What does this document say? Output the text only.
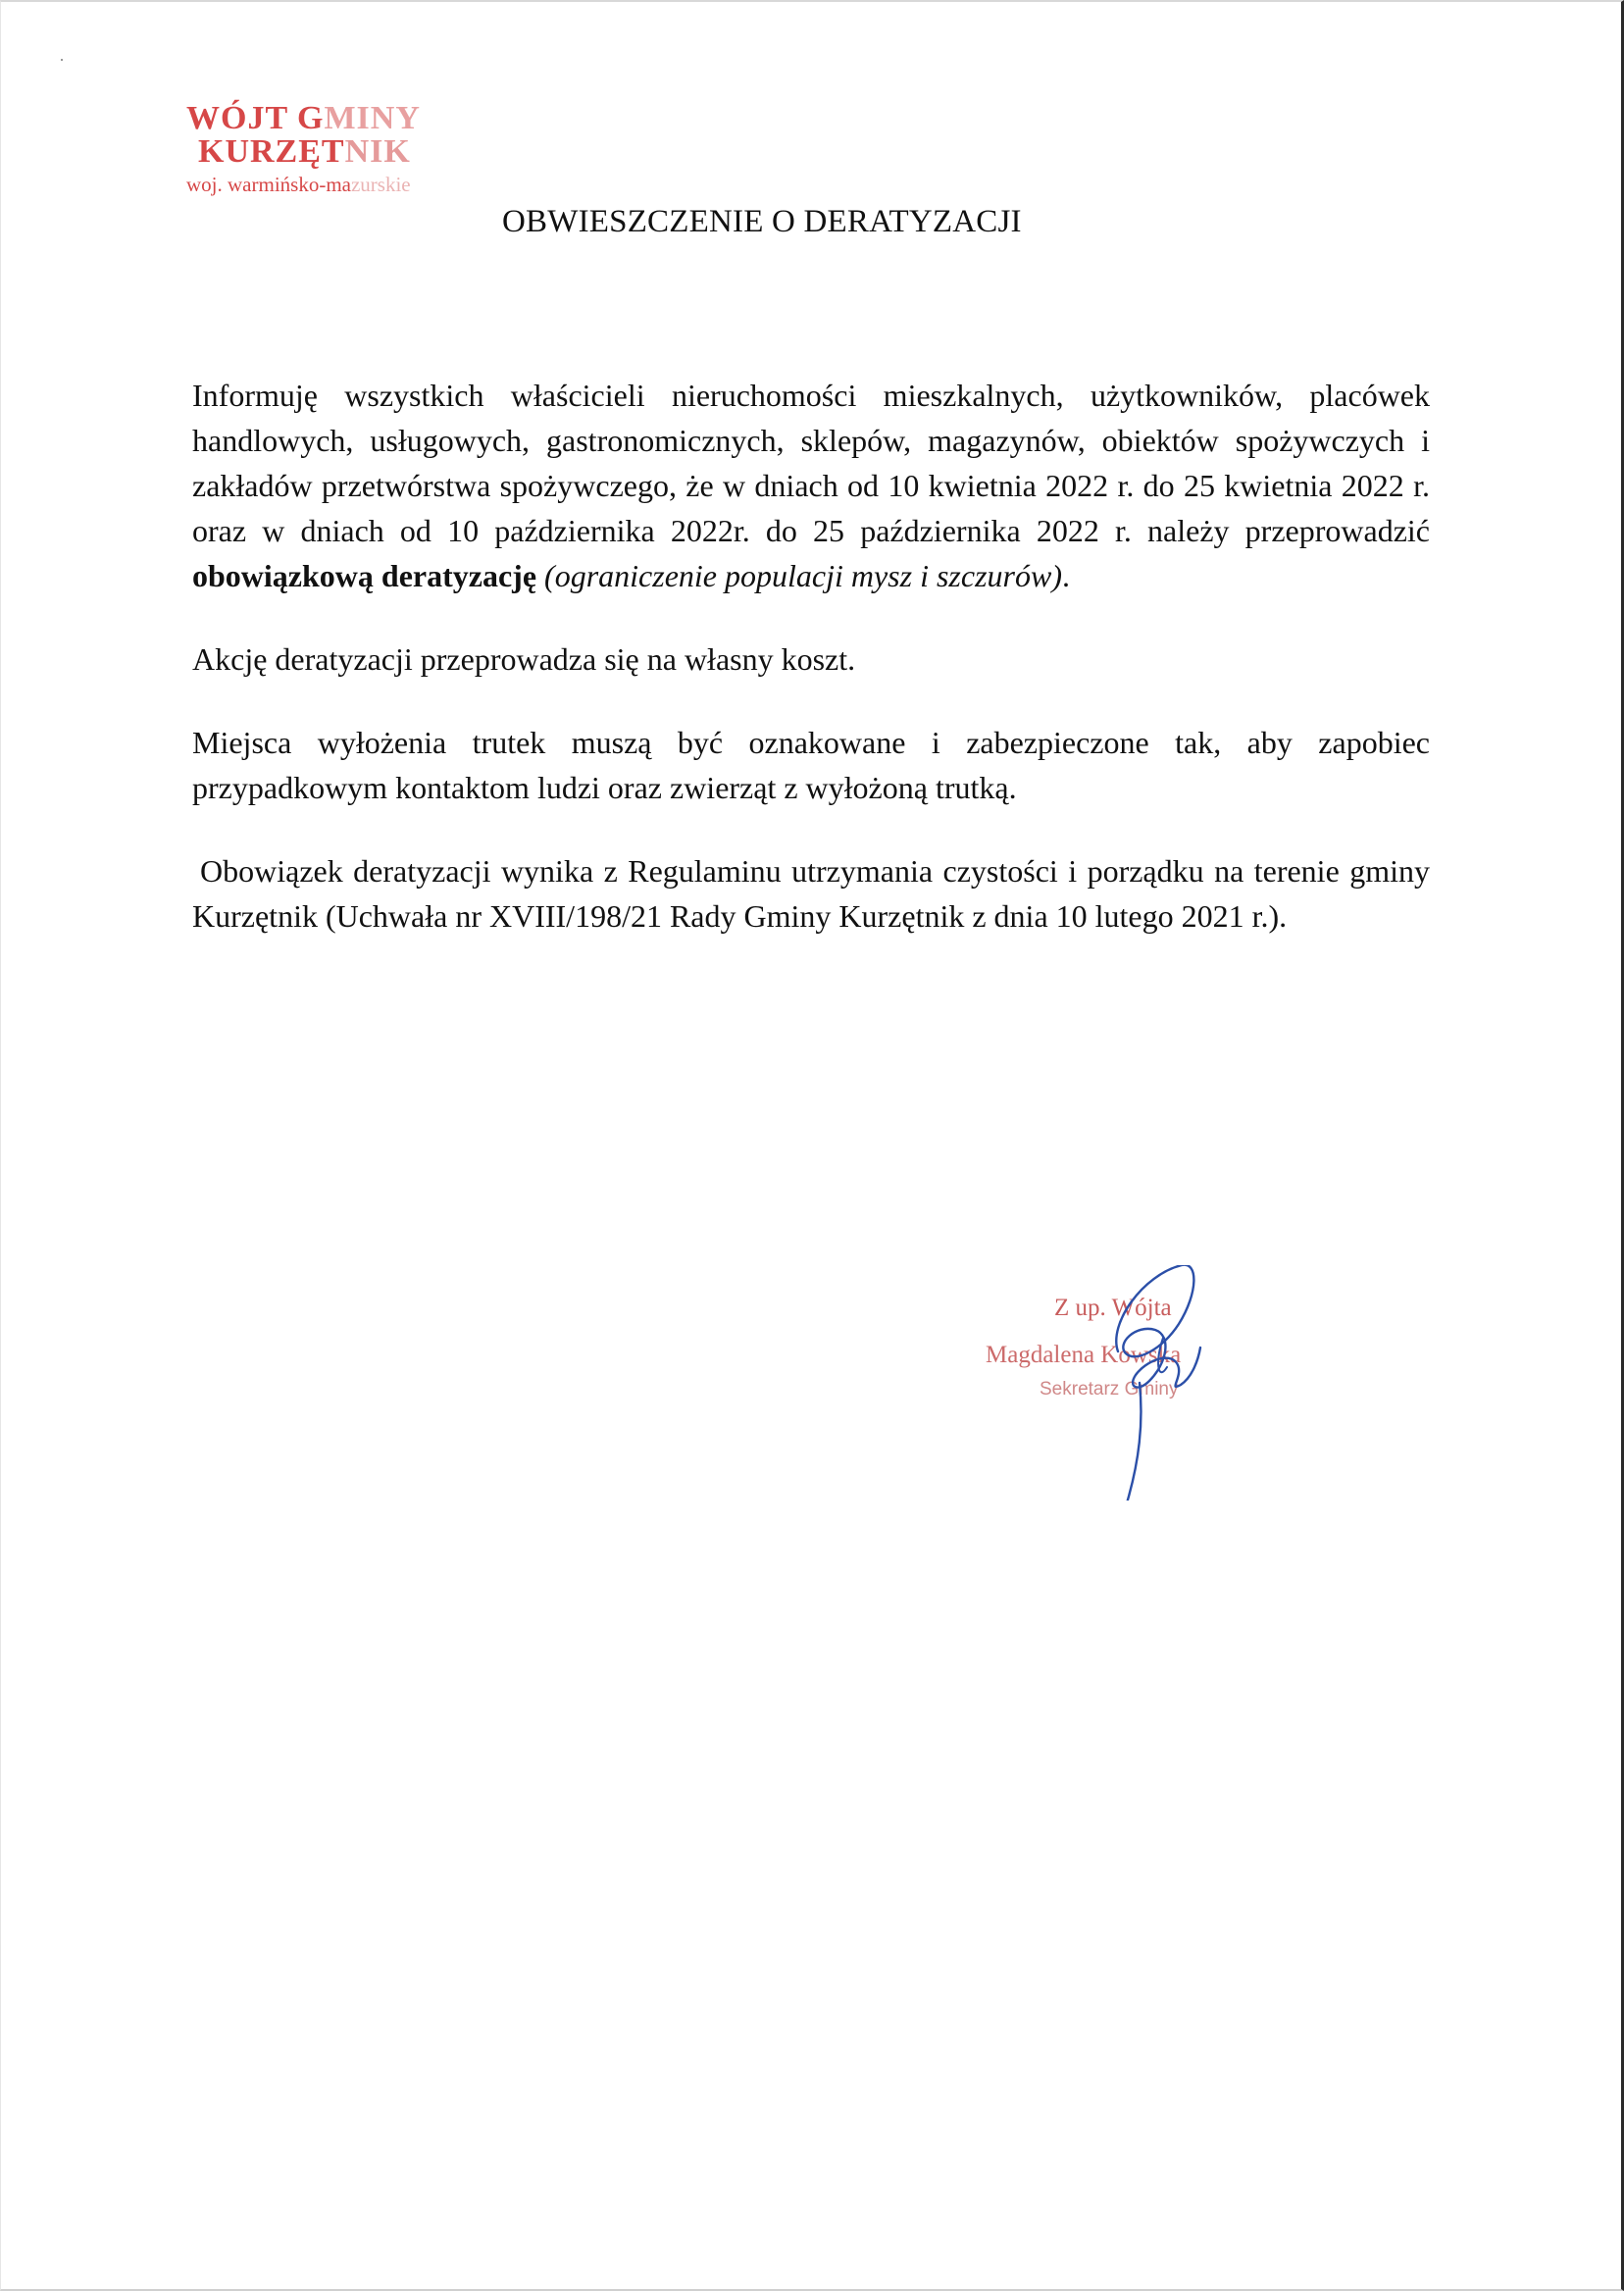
WÓJT GMINY
KURZĘTNIK
woj. warmińsko-mazurskie
OBWIESZCZENIE O DERATYZACJI

Informuję wszystkich właścicieli nieruchomości mieszkalnych, użytkowników, placówek handlowych, usługowych, gastronomicznych, sklepów, magazynów, obiektów spożywczych i zakładów przetwórstwa spożywczego, że w dniach od 10 kwietnia 2022 r. do 25 kwietnia 2022 r. oraz w dniach od 10 października 2022r. do 25 października 2022 r. należy przeprowadzić obowiązkową deratyzację (ograniczenie populacji mysz i szczurów).

Akcję deratyzacji przeprowadza się na własny koszt.

Miejsca wyłożenia trutek muszą być oznakowane i zabezpieczone tak, aby zapobiec przypadkowym kontaktom ludzi oraz zwierząt z wyłożoną trutką.

Obowiązek deratyzacji wynika z Regulaminu utrzymania czystości i porządku na terenie gminy Kurzętnik (Uchwała nr XVIII/198/21 Rady Gminy Kurzętnik z dnia 10 lutego 2021 r.).

Z up. Wójta
Magdalena Kowska
Sekretarz Gminy
